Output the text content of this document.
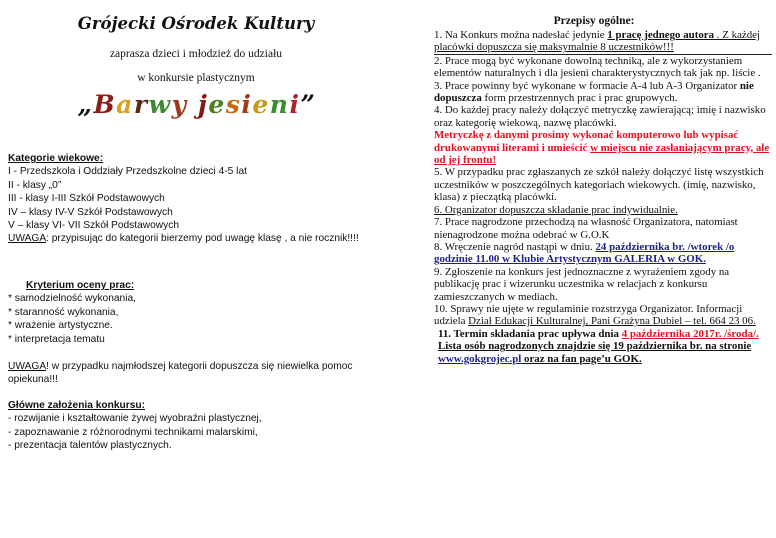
Grójecki Ośrodek Kultury
zaprasza dzieci i młodzież do udziału
w konkursie plastycznym
„Barwy jesieni”

Kategorie wiekowe:

I - Przedszkola i Oddziały Przedszkolne dzieci 4-5 lat

II - klasy „0”

III - klasy I-III Szkół Podstawowych

IV – klasy IV-V Szkół Podstawowych

V – klasy VI- VII Szkół Podstawowych

UWAGA: przypisując do kategorii bierzemy pod uwagę klasę , a nie rocznik!!!!

Kryterium oceny prac:

* samodzielność wykonania,

* staranność wykonania,

* wrażenie artystyczne.

* interpretacja tematu

UWAGA! w przypadku najmłodszej kategorii dopuszcza się niewielka pomoc opiekuna!!!

Główne założenia konkursu:

- rozwijanie i kształtowanie żywej wyobraźni plastycznej,

- zapoznawanie z różnorodnymi technikami malarskimi,

- prezentacja talentów plastycznych.

Przepisy ogólne:

1. Na Konkurs można nadesłać jedynie 1 pracę jednego autora . Z każdej placówki dopuszcza się maksymalnie 8 uczestników!!!

2. Prace mogą być wykonane dowolną techniką, ale z wykorzystaniem elementów naturalnych i dla jesieni charakterystycznych tak jak np. liście .

3. Prace powinny być wykonane w formacie A-4 lub A-3 Organizator nie dopuszcza form przestrzennych prac i prac grupowych.

4. Do każdej pracy należy dołączyć metryczkę zawierającą; imię i nazwisko oraz kategorię wiekową, nazwę placówki.
Metryczkę z danymi prosimy wykonać komputerowo lub wypisać drukowanymi literami i umieścić w miejscu nie zasłaniającym pracy, ale od jej frontu!

5. W przypadku prac zgłaszanych ze szkół należy dołączyć listę wszystkich uczestników w poszczególnych kategoriach wiekowych. (imię, nazwisko, klasa) z pieczątką placówki.

6. Organizator dopuszcza składanie prac indywidualnie.

7. Prace nagrodzone przechodzą na własność Organizatora, natomiast nienagrodzone można odebrać w G.O.K

8. Wręczenie nagród nastąpi w dniu. 24 października br. /wtorek /o godzinie 11.00 w Klubie Artystycznym GALERIA w GOK.

9. Zgłoszenie na konkurs jest jednoznaczne z wyrażeniem zgody na publikację prac i wizerunku uczestnika w relacjach z konkursu zamieszczanych w mediach.

10. Sprawy nie ujęte w regulaminie rozstrzyga Organizator. Informacji udziela Dział Edukacji Kulturalnej, Pani Grażyna Dubiel – tel. 664 23 06.

11. Termin składania prac upływa dnia 4 października 2017r. /środa/.
Lista osób nagrodzonych znajdzie się 19 października br. na stronie www.gokgrojec.pl oraz na fan page’u GOK.
